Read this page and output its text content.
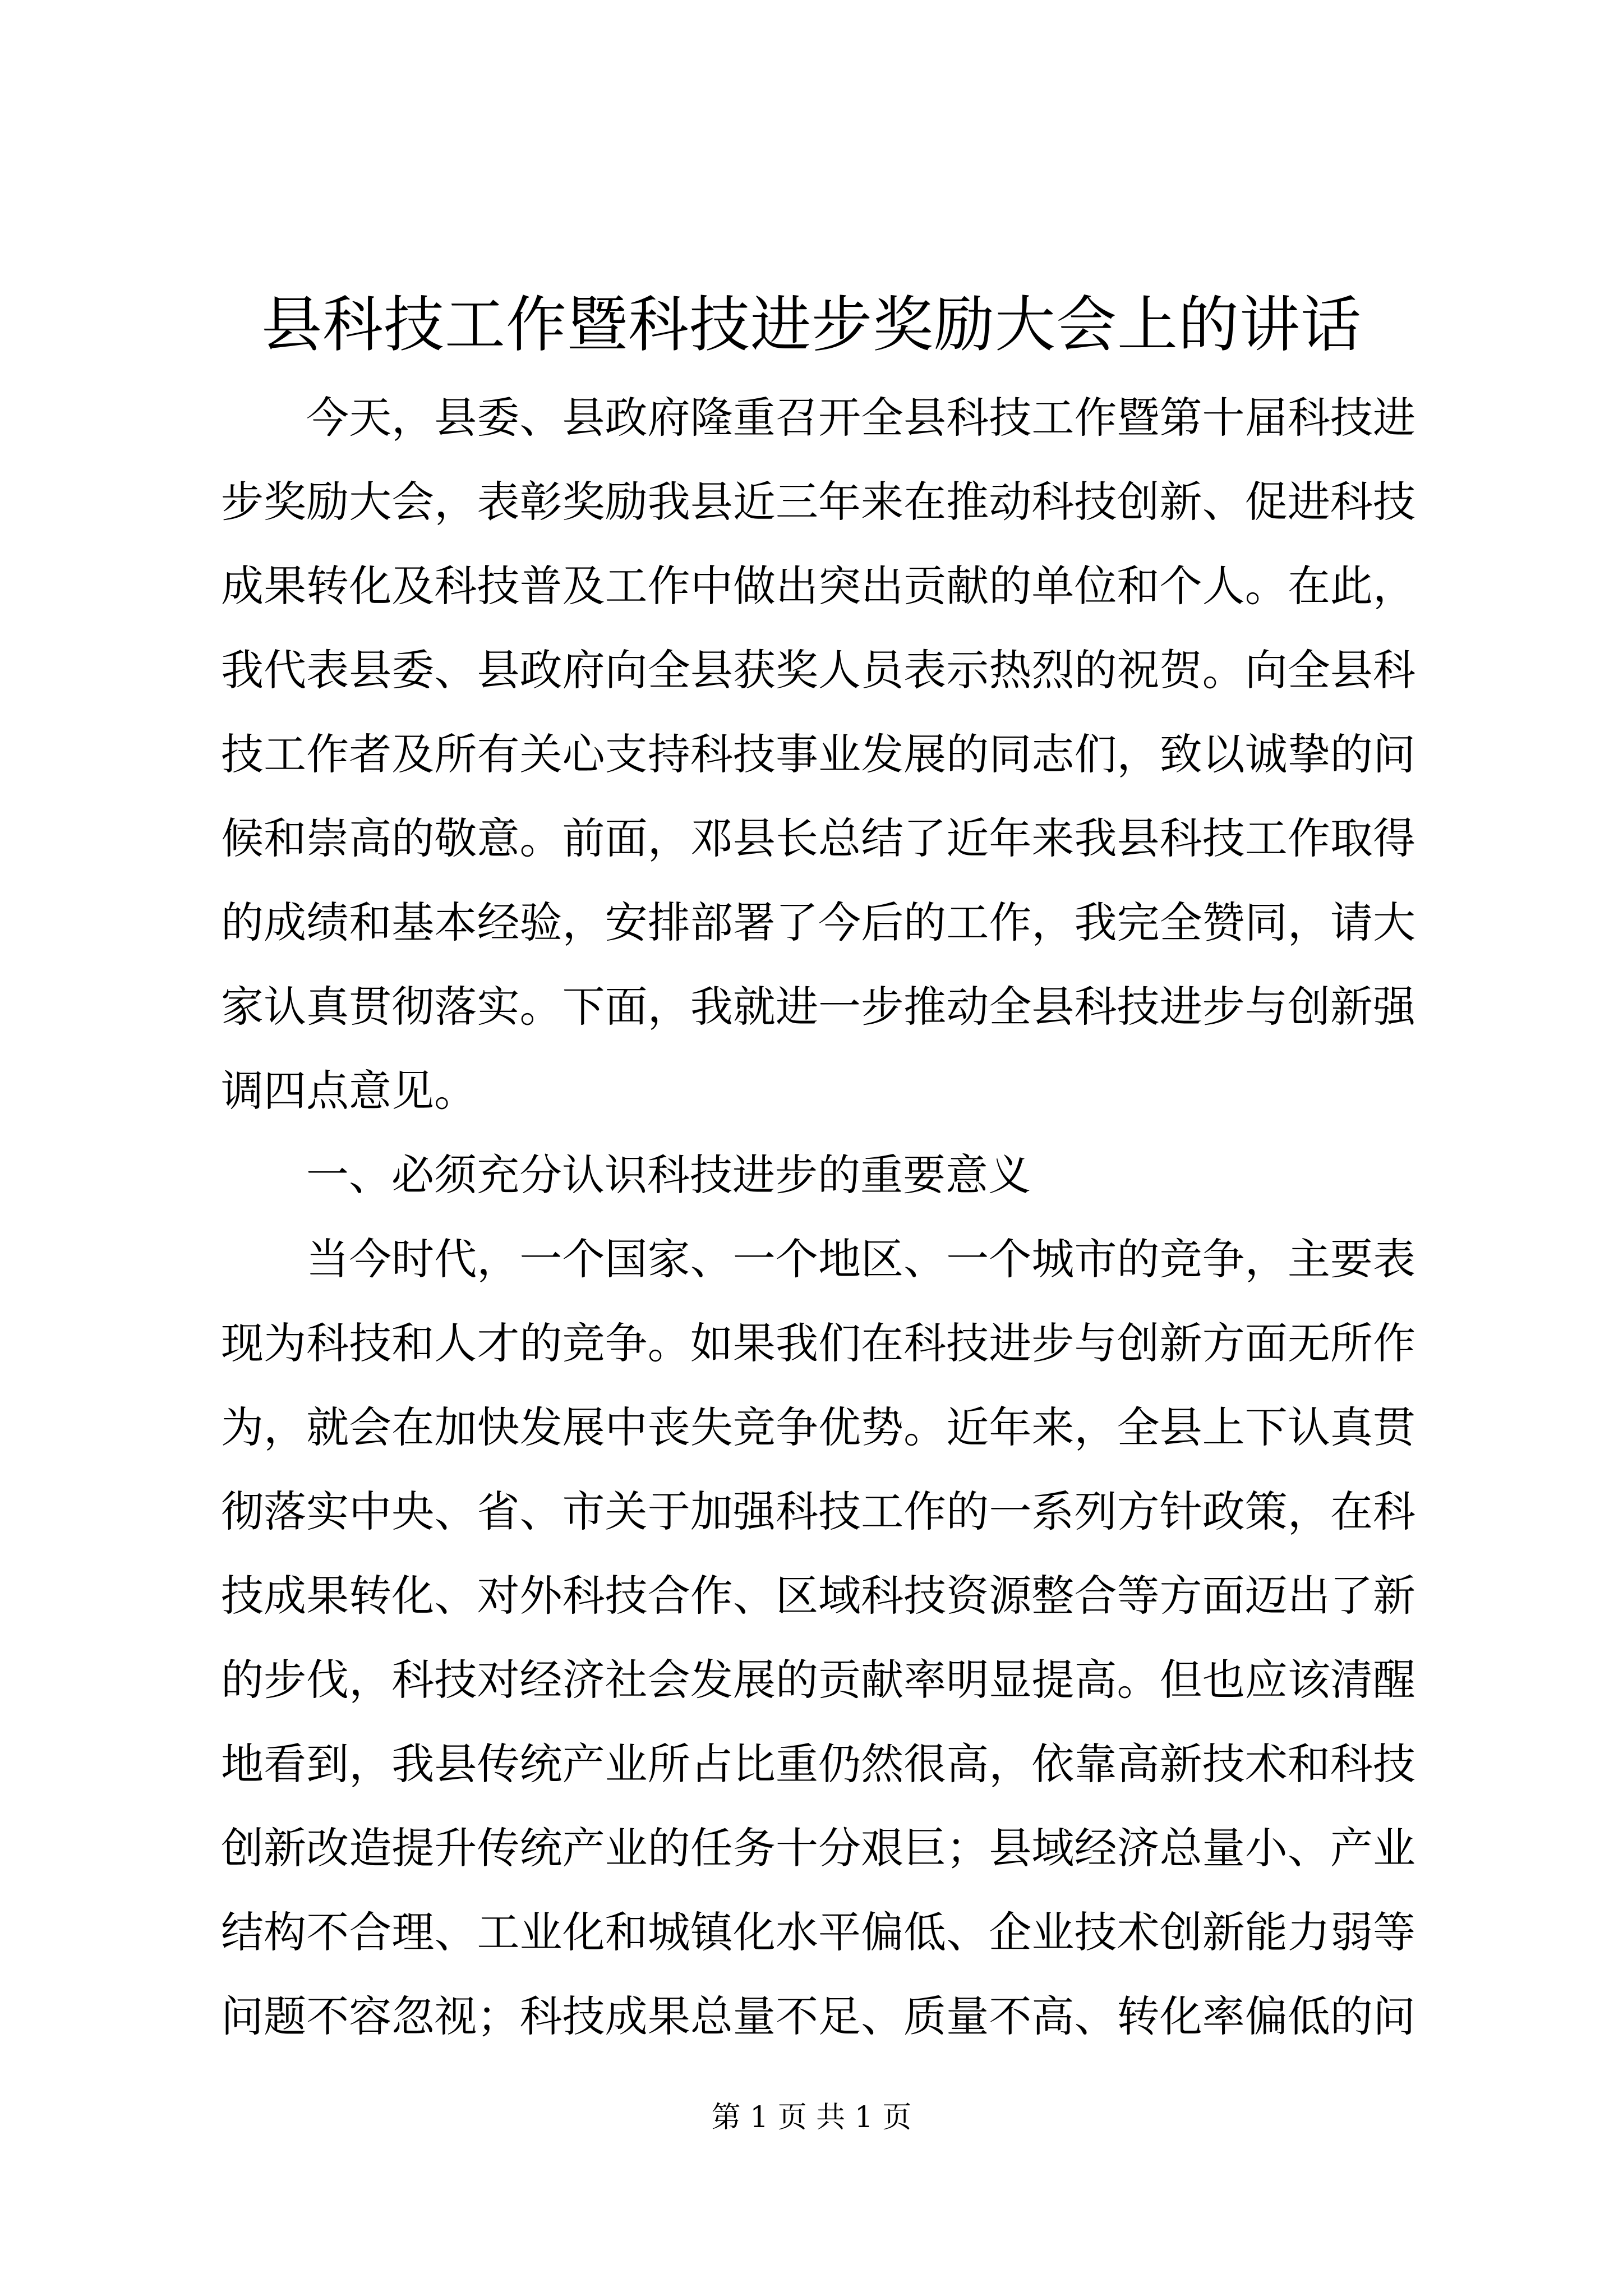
县科技工作暨科技进步奖励大会上的讲话
今天，县委、县政府隆重召开全县科技工作暨第十届科技进
步奖励大会，表彰奖励我县近三年来在推动科技创新、促进科技
成果转化及科技普及工作中做出突出贡献的单位和个人。在此，
我代表县委、县政府向全县获奖人员表示热烈的祝贺。向全县科
技工作者及所有关心支持科技事业发展的同志们，致以诚挚的问
候和崇高的敬意。前面，邓县长总结了近年来我县科技工作取得
的成绩和基本经验，安排部署了今后的工作，我完全赞同，请大
家认真贯彻落实。下面，我就进一步推动全县科技进步与创新强
调四点意见。
一、必须充分认识科技进步的重要意义
当今时代，一个国家、一个地区、一个城市的竞争，主要表
现为科技和人才的竞争。如果我们在科技进步与创新方面无所作
为，就会在加快发展中丧失竞争优势。近年来，全县上下认真贯
彻落实中央、省、市关于加强科技工作的一系列方针政策，在科
技成果转化、对外科技合作、区域科技资源整合等方面迈出了新
的步伐，科技对经济社会发展的贡献率明显提高。但也应该清醒
地看到，我县传统产业所占比重仍然很高，依靠高新技术和科技
创新改造提升传统产业的任务十分艰巨；县域经济总量小、产业
结构不合理、工业化和城镇化水平偏低、企业技术创新能力弱等
问题不容忽视；科技成果总量不足、质量不高、转化率偏低的问
第 1 页 共 1 页
